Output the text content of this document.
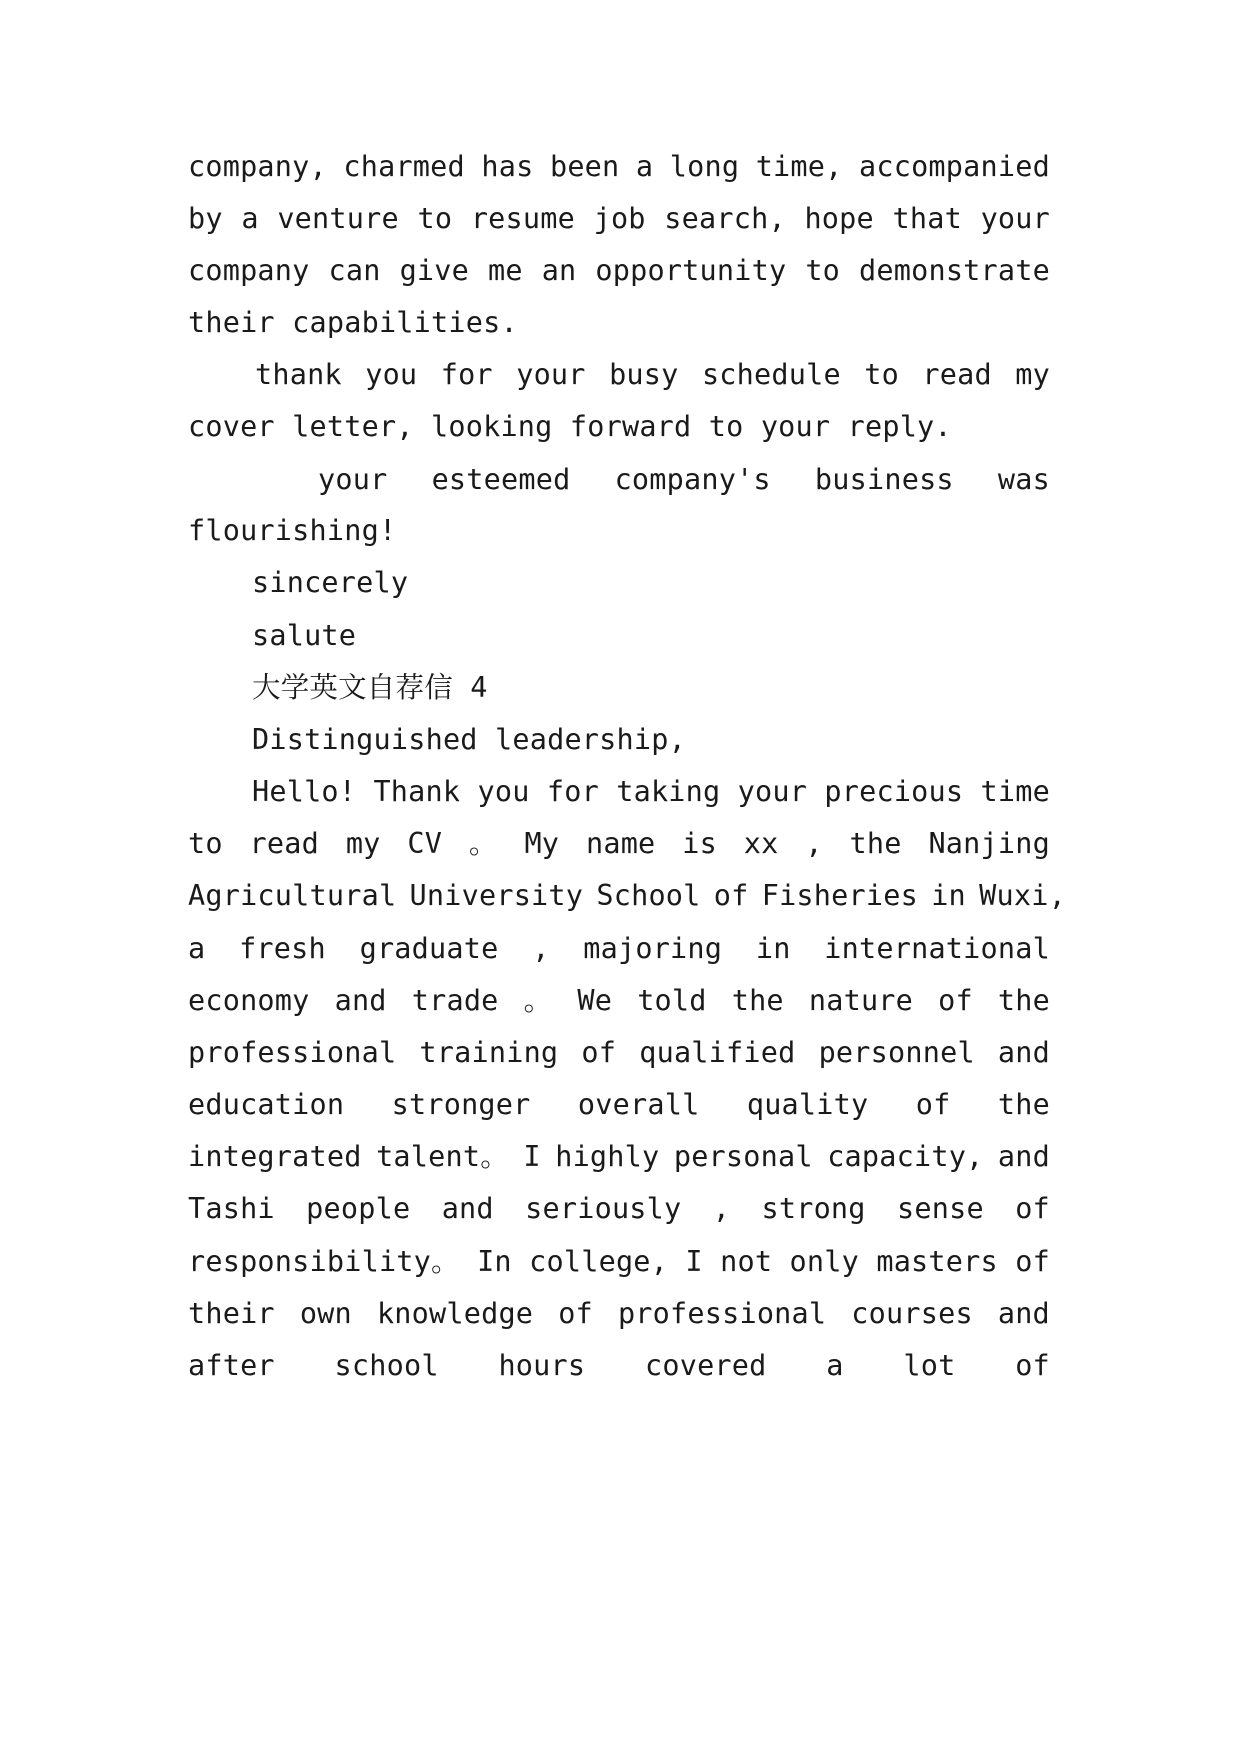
company, charmed has been a long time, accompanied
by a venture to resume job search, hope that your
company can give me an opportunity to demonstrate
their capabilities.
thank you for your busy schedule to read my
cover letter, looking forward to your reply.
your esteemed company's business was
flourishing!
sincerely
salute
大学英文自荐信 4
Distinguished leadership,
Hello! Thank you for taking your precious time
to read my CV 。 My name is xx , the Nanjing
Agricultural University School of Fisheries in Wuxi,
a fresh graduate , majoring in international
economy and trade 。 We told the nature of the
professional training of qualified personnel and
education stronger overall quality of the
integrated talent。 I highly personal capacity, and
Tashi people and seriously , strong sense of
responsibility。 In college, I not only masters of
their own knowledge of professional courses and
after school hours covered a lot of
